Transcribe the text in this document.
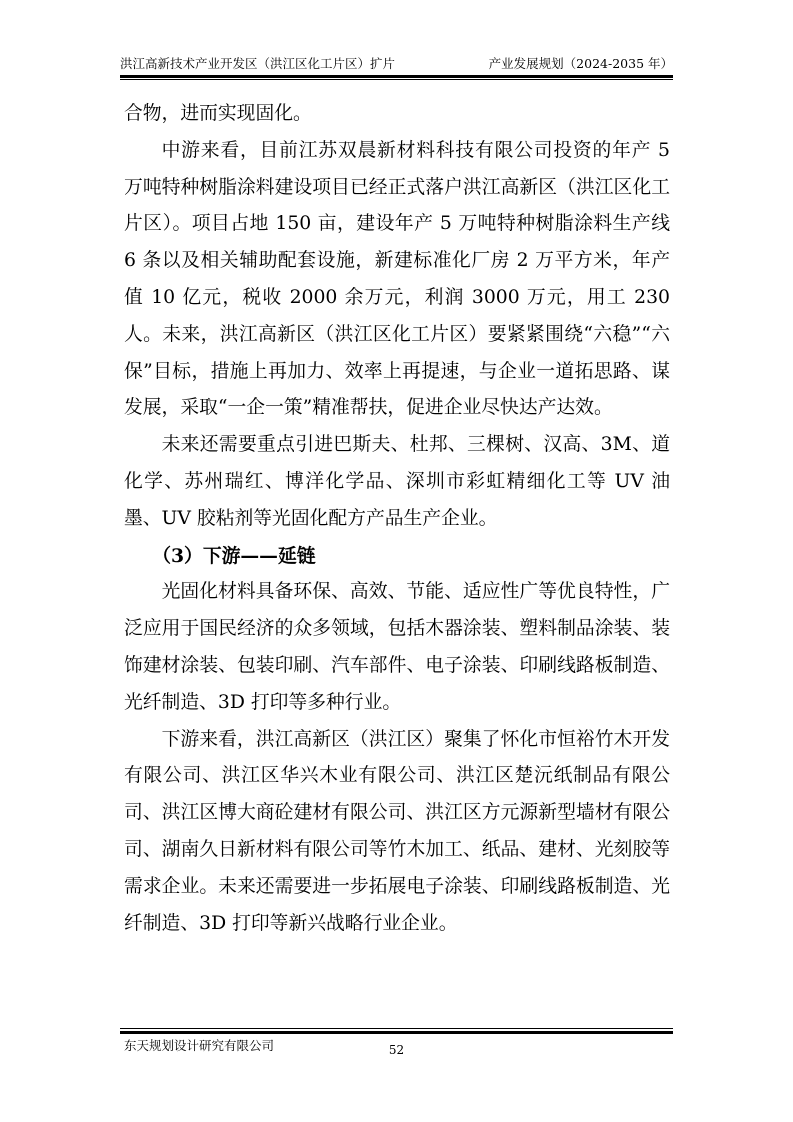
洪江高新技术产业开发区（洪江区化工片区）扩片	产业发展规划（2024-2035 年）

合物，进而实现固化。

中游来看，目前江苏双晨新材料科技有限公司投资的年产 5 万吨特种树脂涂料建设项目已经正式落户洪江高新区（洪江区化工片区）。项目占地 150 亩，建设年产 5 万吨特种树脂涂料生产线 6 条以及相关辅助配套设施，新建标准化厂房 2 万平方米，年产值 10 亿元，税收 2000 余万元，利润 3000 万元，用工 230 人。未来，洪江高新区（洪江区化工片区）要紧紧围绕“六稳”“六保”目标，措施上再加力、效率上再提速，与企业一道拓思路、谋发展，采取“一企一策”精准帮扶，促进企业尽快达产达效。

未来还需要重点引进巴斯夫、杜邦、三棵树、汉高、3M、道化学、苏州瑞红、博洋化学品、深圳市彩虹精细化工等 UV 油墨、UV 胶粘剂等光固化配方产品生产企业。

（3）下游——延链

光固化材料具备环保、高效、节能、适应性广等优良特性，广泛应用于国民经济的众多领域，包括木器涂装、塑料制品涂装、装饰建材涂装、包装印刷、汽车部件、电子涂装、印刷线路板制造、光纤制造、3D 打印等多种行业。

下游来看，洪江高新区（洪江区）聚集了怀化市恒裕竹木开发有限公司、洪江区华兴木业有限公司、洪江区楚沅纸制品有限公司、洪江区博大商砼建材有限公司、洪江区方元源新型墙材有限公司、湖南久日新材料有限公司等竹木加工、纸品、建材、光刻胶等需求企业。未来还需要进一步拓展电子涂装、印刷线路板制造、光纤制造、3D 打印等新兴战略行业企业。

东天规划设计研究有限公司	52
